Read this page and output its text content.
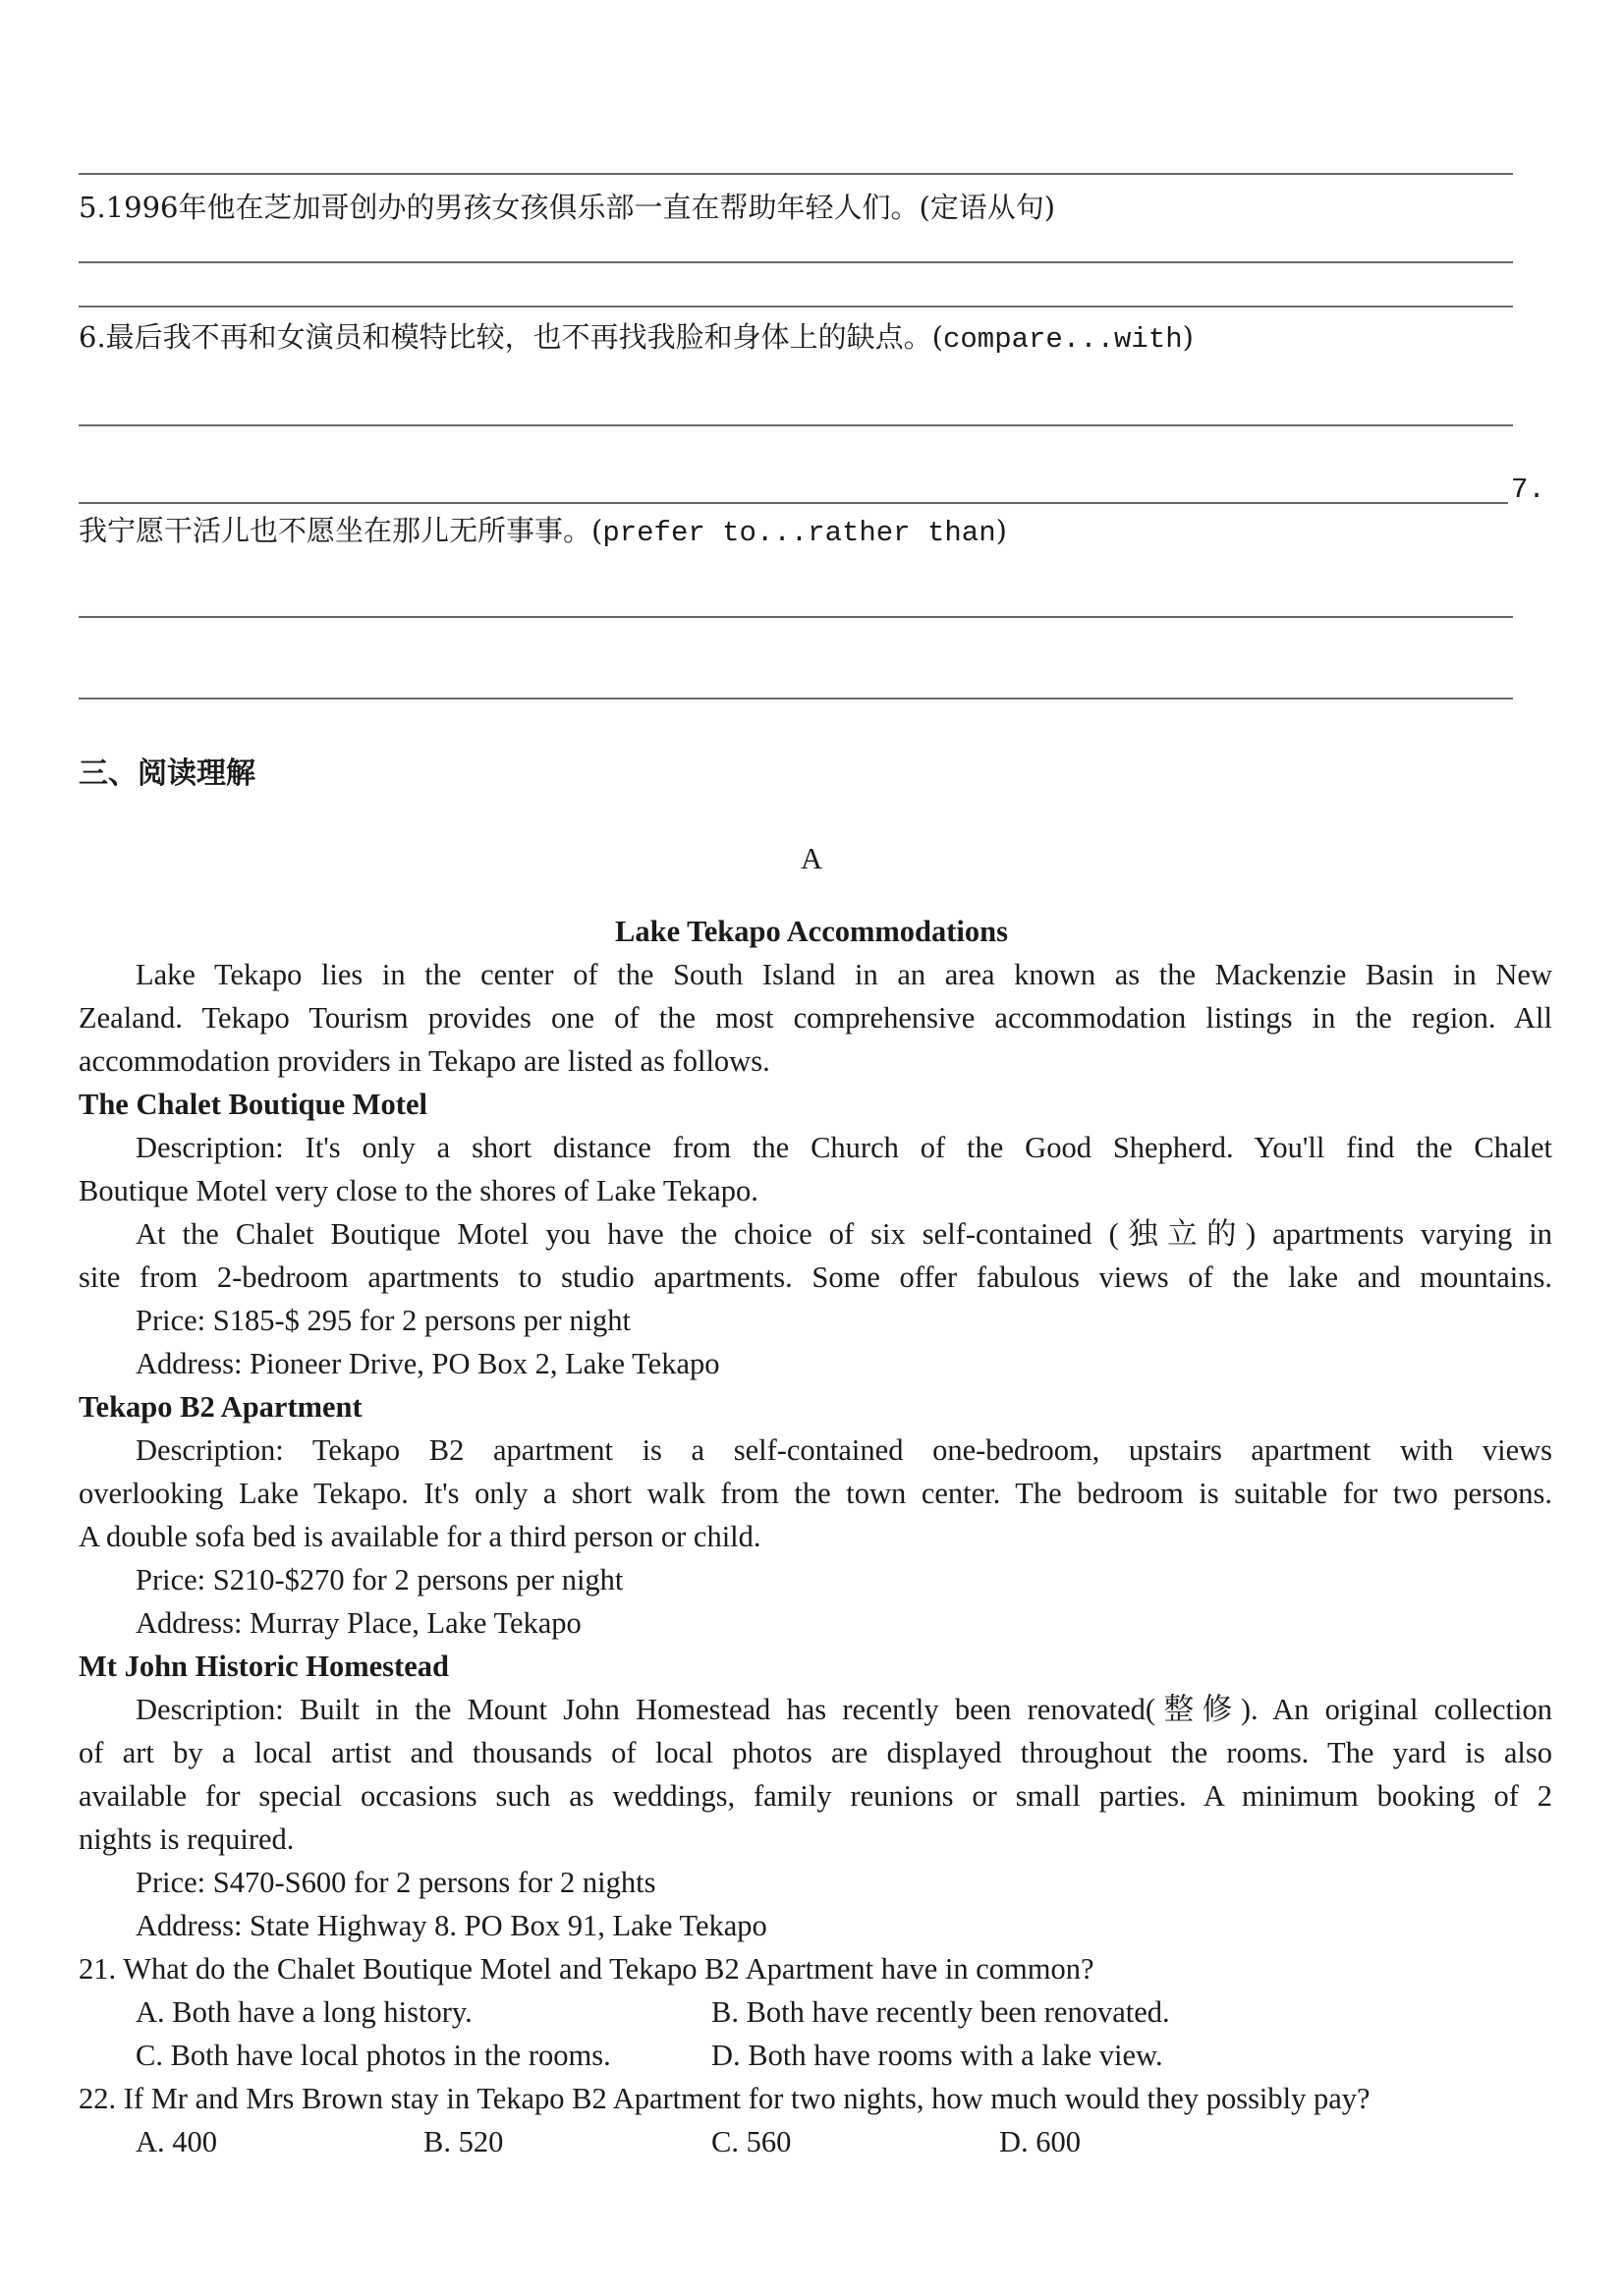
5.1996年他在芝加哥创办的男孩女孩俱乐部一直在帮助年轻人们。(定语从句)
6.最后我不再和女演员和模特比较，也不再找我脸和身体上的缺点。(compare...with)
7.
我宁愿干活儿也不愿坐在那儿无所事事。(prefer to...rather than)
三、阅读理解
A
Lake Tekapo Accommodations
Lake Tekapo lies in the center of the South Island in an area known as the Mackenzie Basin in New
Zealand. Tekapo Tourism provides one of the most comprehensive accommodation listings in the region. All
accommodation providers in Tekapo are listed as follows.
The Chalet Boutique Motel
Description: It's only a short distance from the Church of the Good Shepherd. You'll find the Chalet
Boutique Motel very close to the shores of Lake Tekapo.
At the Chalet Boutique Motel you have the choice of six self-contained (独立的) apartments varying in
site from 2-bedroom apartments to studio apartments. Some offer fabulous views of the lake and mountains.
Price: S185-$ 295 for 2 persons per night
Address: Pioneer Drive, PO Box 2, Lake Tekapo
Tekapo B2 Apartment
Description: Tekapo B2 apartment is a self-contained one-bedroom, upstairs apartment with views
overlooking Lake Tekapo. It's only a short walk from the town center. The bedroom is suitable for two persons.
A double sofa bed is available for a third person or child.
Price: S210-$270 for 2 persons per night
Address: Murray Place, Lake Tekapo
Mt John Historic Homestead
Description: Built in the Mount John Homestead has recently been renovated(整修). An original collection
of art by a local artist and thousands of local photos are displayed throughout the rooms. The yard is also
available for special occasions such as weddings, family reunions or small parties. A minimum booking of 2
nights is required.
Price: S470-S600 for 2 persons for 2 nights
Address: State Highway 8. PO Box 91, Lake Tekapo
21. What do the Chalet Boutique Motel and Tekapo B2 Apartment have in common?
A. Both have a long history.	B. Both have recently been renovated.
C. Both have local photos in the rooms.	D. Both have rooms with a lake view.
22. If Mr and Mrs Brown stay in Tekapo B2 Apartment for two nights, how much would they possibly pay?
A. 400	B. 520	C. 560	D. 600
